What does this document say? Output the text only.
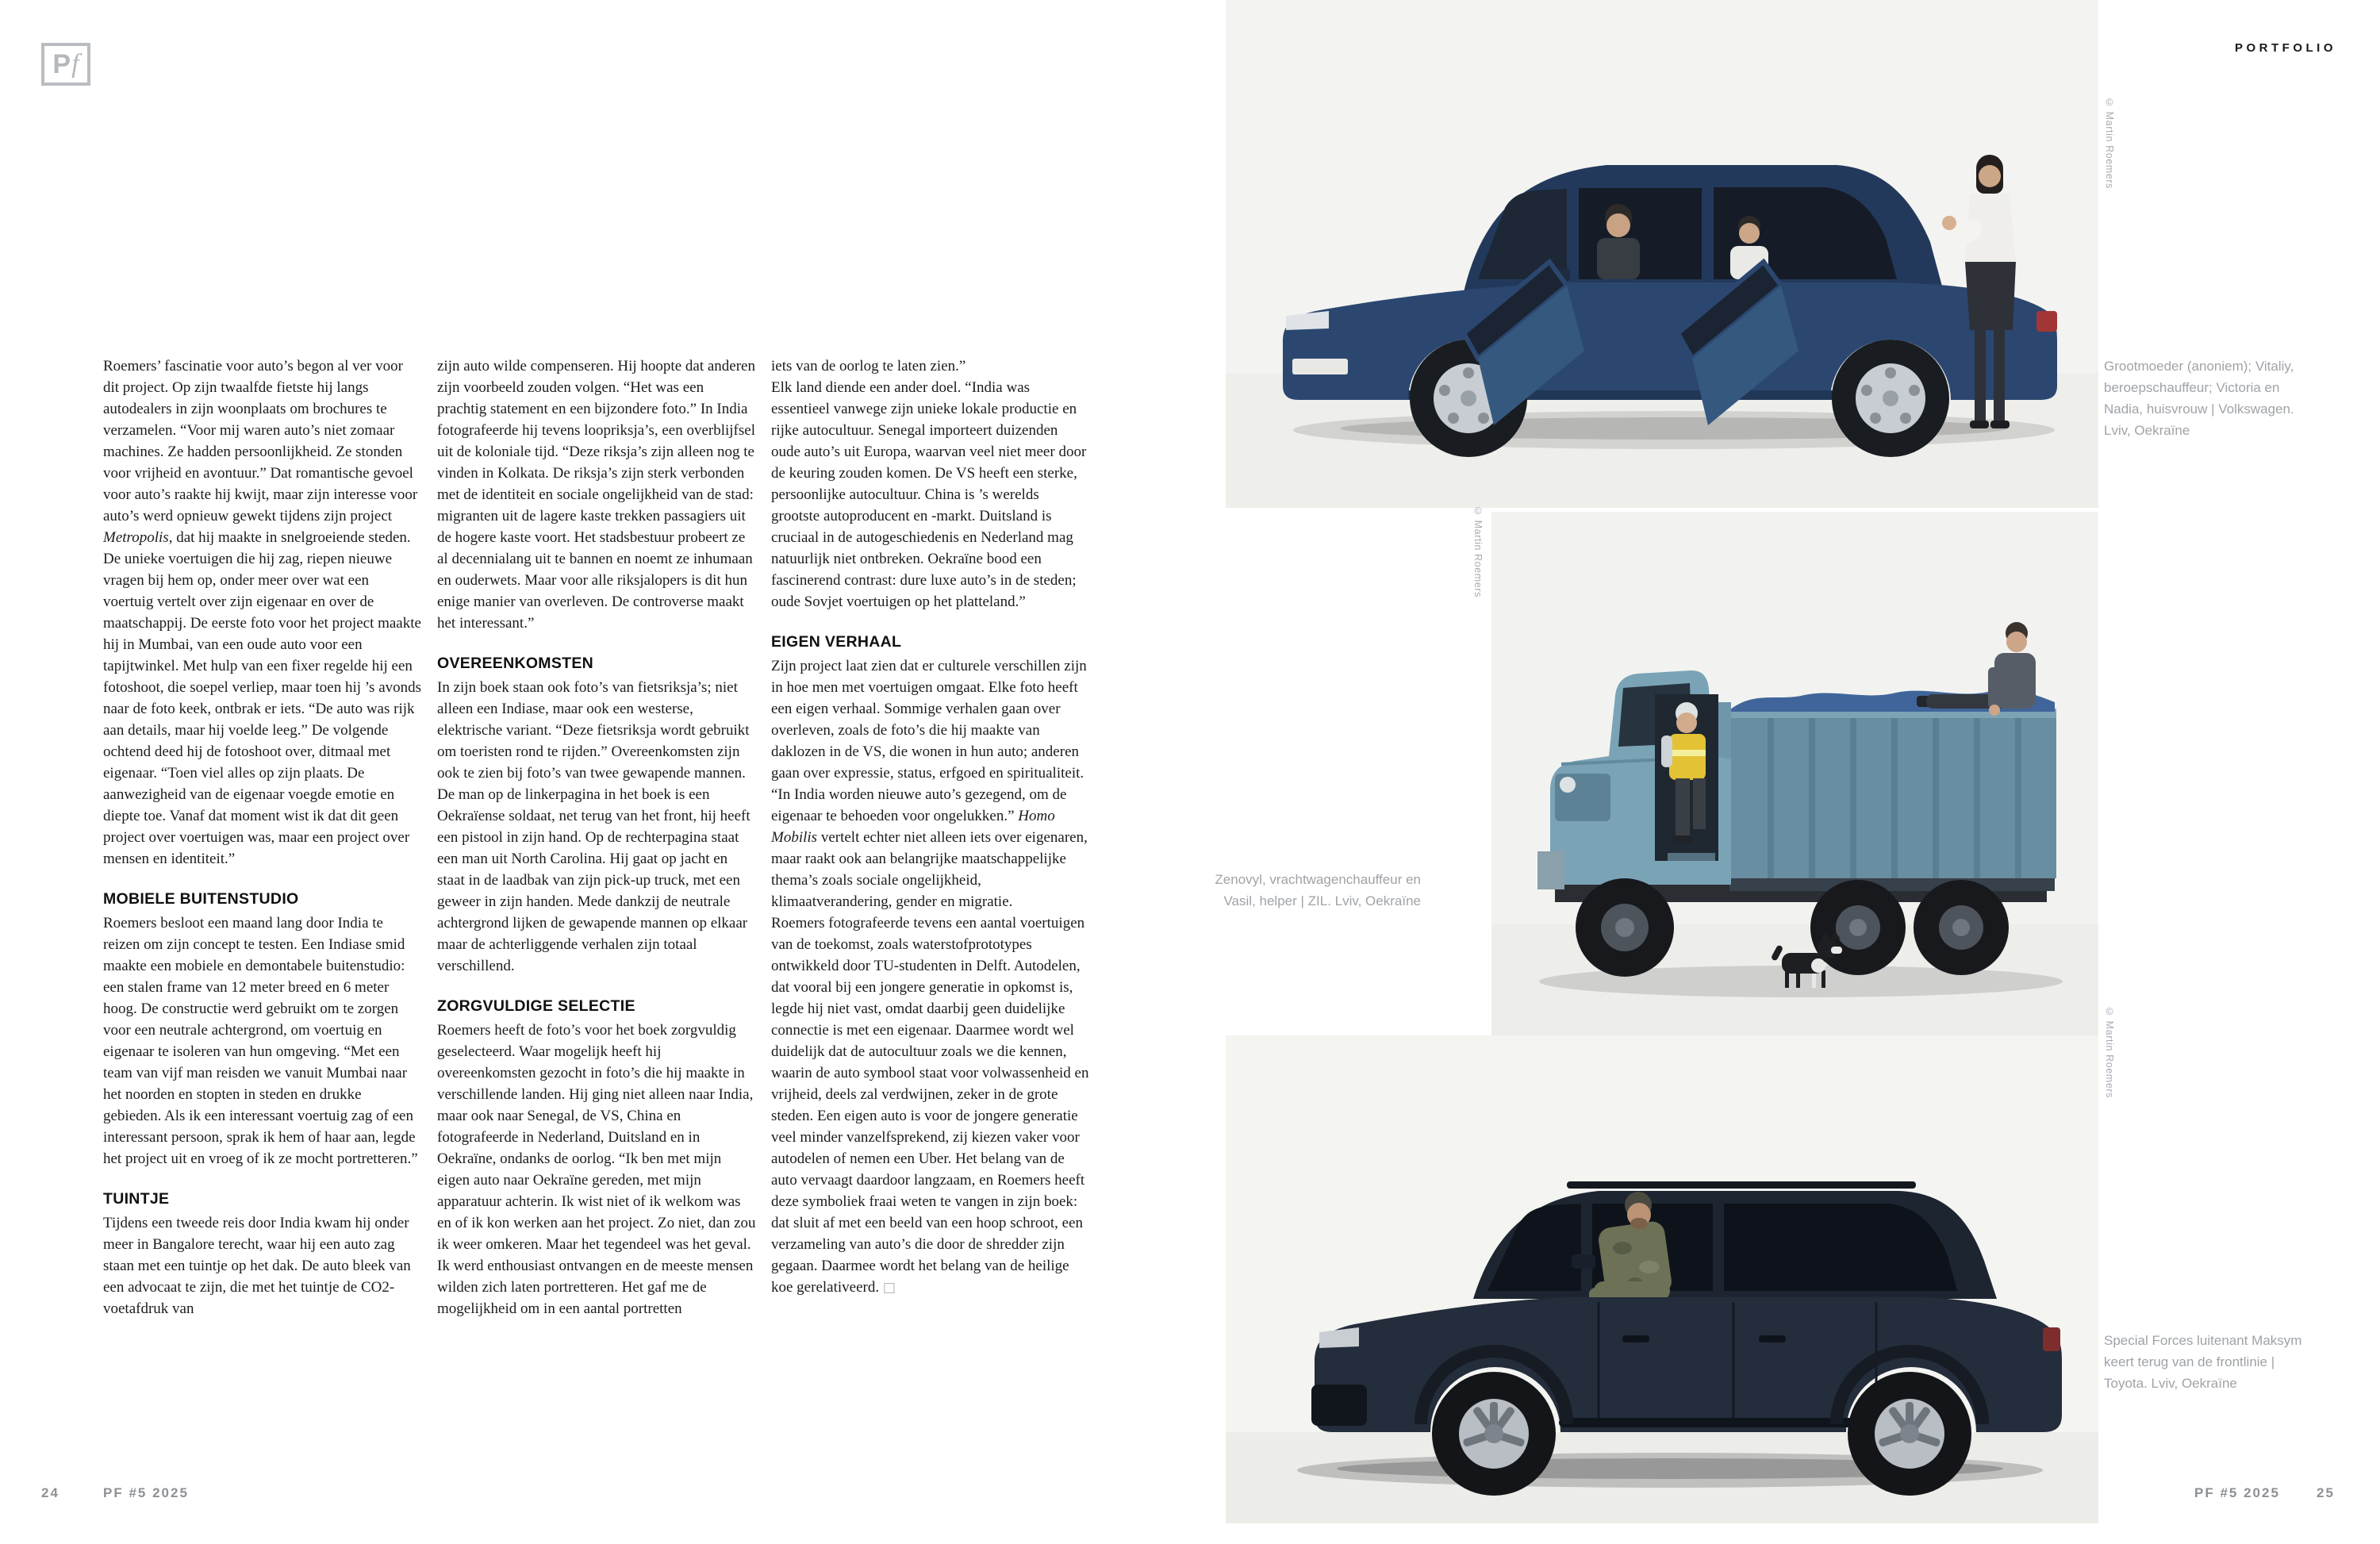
P f
PORTFOLIO

Roemers’ fascinatie voor auto’s begon al ver voor dit project. Op zijn twaalfde fietste hij langs autodealers in zijn woonplaats om brochures te verzamelen. “Voor mij waren auto’s niet zomaar machines. Ze hadden persoonlijkheid. Ze stonden voor vrijheid en avontuur.” Dat romantische gevoel voor auto’s raakte hij kwijt, maar zijn interesse voor auto’s werd opnieuw gewekt tijdens zijn project Metropolis, dat hij maakte in snelgroeiende steden. De unieke voertuigen die hij zag, riepen nieuwe vragen bij hem op, onder meer over wat een voertuig vertelt over zijn eigenaar en over de maatschappij. De eerste foto voor het project maakte hij in Mumbai, van een oude auto voor een tapijtwinkel. Met hulp van een fixer regelde hij een fotoshoot, die soepel verliep, maar toen hij ’s avonds naar de foto keek, ontbrak er iets. “De auto was rijk aan details, maar hij voelde leeg.” De volgende ochtend deed hij de fotoshoot over, ditmaal met eigenaar. “Toen viel alles op zijn plaats. De aanwezigheid van de eigenaar voegde emotie en diepte toe. Vanaf dat moment wist ik dat dit geen project over voertuigen was, maar een project over mensen en identiteit.”

MOBIELE BUITENSTUDIO

Roemers besloot een maand lang door India te reizen om zijn concept te testen. Een Indiase smid maakte een mobiele en demontabele buitenstudio: een stalen frame van 12 meter breed en 6 meter hoog. De constructie werd gebruikt om te zorgen voor een neutrale achtergrond, om voertuig en eigenaar te isoleren van hun omgeving. “Met een team van vijf man reisden we vanuit Mumbai naar het noorden en stopten in steden en drukke gebieden. Als ik een interessant voertuig zag of een interessant persoon, sprak ik hem of haar aan, legde het project uit en vroeg of ik ze mocht portretteren.”

TUINTJE

Tijdens een tweede reis door India kwam hij onder meer in Bangalore terecht, waar hij een auto zag staan met een tuintje op het dak. De auto bleek van een advocaat te zijn, die met het tuintje de CO2-voetafdruk van

zijn auto wilde compenseren. Hij hoopte dat anderen zijn voorbeeld zouden volgen. “Het was een prachtig statement en een bijzondere foto.” In India fotografeerde hij tevens loopriksja’s, een overblijfsel uit de koloniale tijd. “Deze riksja’s zijn alleen nog te vinden in Kolkata. De riksja’s zijn sterk verbonden met de identiteit en sociale ongelijkheid van de stad: migranten uit de lagere kaste trekken passagiers uit de hogere kaste voort. Het stadsbestuur probeert ze al decennialang uit te bannen en noemt ze inhumaan en ouderwets. Maar voor alle riksjalopers is dit hun enige manier van overleven. De controverse maakt het interessant.”

OVEREENKOMSTEN

In zijn boek staan ook foto’s van fietsriksja’s; niet alleen een Indiase, maar ook een westerse, elektrische variant. “Deze fietsriksja wordt gebruikt om toeristen rond te rijden.” Overeenkomsten zijn ook te zien bij foto’s van twee gewapende mannen. De man op de linkerpagina in het boek is een Oekraïense soldaat, net terug van het front, hij heeft een pistool in zijn hand. Op de rechterpagina staat een man uit North Carolina. Hij gaat op jacht en staat in de laadbak van zijn pick-up truck, met een geweer in zijn handen. Mede dankzij de neutrale achtergrond lijken de gewapende mannen op elkaar maar de achterliggende verhalen zijn totaal verschillend.

ZORGVULDIGE SELECTIE

Roemers heeft de foto’s voor het boek zorgvuldig geselecteerd. Waar mogelijk heeft hij overeenkomsten gezocht in foto’s die hij maakte in verschillende landen. Hij ging niet alleen naar India, maar ook naar Senegal, de VS, China en fotografeerde in Nederland, Duitsland en in Oekraïne, ondanks de oorlog. “Ik ben met mijn eigen auto naar Oekraïne gereden, met mijn apparatuur achterin. Ik wist niet of ik welkom was en of ik kon werken aan het project. Zo niet, dan zou ik weer omkeren. Maar het tegendeel was het geval. Ik werd enthousiast ontvangen en de meeste mensen wilden zich laten portretteren. Het gaf me de mogelijkheid om in een aantal portretten

iets van de oorlog te laten zien.”

Elk land diende een ander doel. “India was essentieel vanwege zijn unieke lokale productie en rijke autocultuur. Senegal importeert duizenden oude auto’s uit Europa, waarvan veel niet meer door de keuring zouden komen. De VS heeft een sterke, persoonlijke autocultuur. China is ’s werelds grootste autoproducent en -markt. Duitsland is cruciaal in de autogeschiedenis en Nederland mag natuurlijk niet ontbreken. Oekraïne bood een fascinerend contrast: dure luxe auto’s in de steden; oude Sovjet voertuigen op het platteland.”

EIGEN VERHAAL

Zijn project laat zien dat er culturele verschillen zijn in hoe men met voertuigen omgaat. Elke foto heeft een eigen verhaal. Sommige verhalen gaan over overleven, zoals de foto’s die hij maakte van daklozen in de VS, die wonen in hun auto; anderen gaan over expressie, status, erfgoed en spiritualiteit. “In India worden nieuwe auto’s gezegend, om de eigenaar te behoeden voor ongelukken.” Homo Mobilis vertelt echter niet alleen iets over eigenaren, maar raakt ook aan belangrijke maatschappelijke thema’s zoals sociale ongelijkheid, klimaatverandering, gender en migratie.

Roemers fotografeerde tevens een aantal voertuigen van de toekomst, zoals waterstofprototypes ontwikkeld door TU-studenten in Delft. Autodelen, dat vooral bij een jongere generatie in opkomst is, legde hij niet vast, omdat daarbij geen duidelijke connectie is met een eigenaar. Daarmee wordt wel duidelijk dat de autocultuur zoals we die kennen, waarin de auto symbool staat voor volwassenheid en vrijheid, deels zal verdwijnen, zeker in de grote steden. Een eigen auto is voor de jongere generatie veel minder vanzelfsprekend, zij kiezen vaker voor autodelen of nemen een Uber. Het belang van de auto vervaagt daardoor langzaam, en Roemers heeft deze symboliek fraai weten te vangen in zijn boek: dat sluit af met een beeld van een hoop schroot, een verzameling van auto’s die door de shredder zijn gegaan. Daarmee wordt het belang van de heilige koe gerelativeerd. □

© Martin Roemers
Grootmoeder (anoniem); Vitaliy,
beroepschauffeur; Victoria en
Nadia, huisvrouw | Volkswagen.
Lviv, Oekraïne
© Martin Roemers
Zenovyl, vrachtwagenchauffeur en
Vasil, helper | ZIL. Lviv, Oekraïne
© Martin Roemers
Special Forces luitenant Maksym
keert terug van de frontlinie |
Toyota. Lviv, Oekraïne
24	PF #5 2025	PF #5 2025	25
